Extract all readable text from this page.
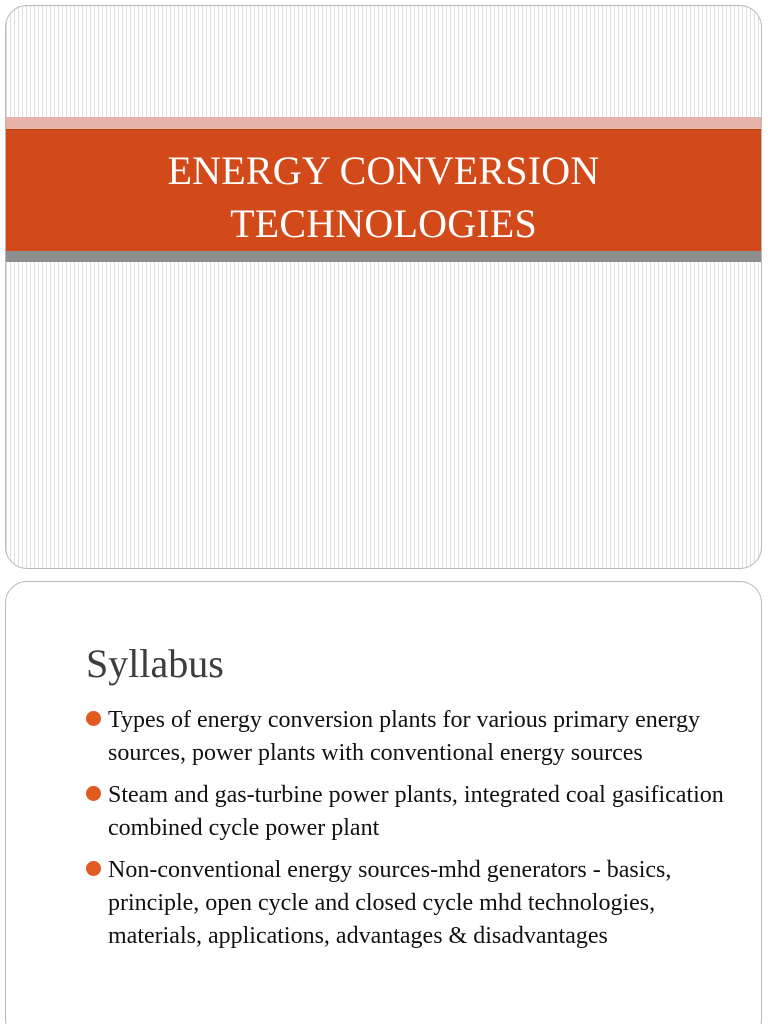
ENERGY CONVERSION
TECHNOLOGIES
Syllabus
Types of energy conversion plants for various primary energy sources, power plants with conventional energy sources
Steam and gas-turbine power plants, integrated coal gasification combined cycle power plant
Non-conventional energy sources-mhd generators - basics, principle, open cycle and closed cycle mhd technologies, materials, applications, advantages & disadvantages
